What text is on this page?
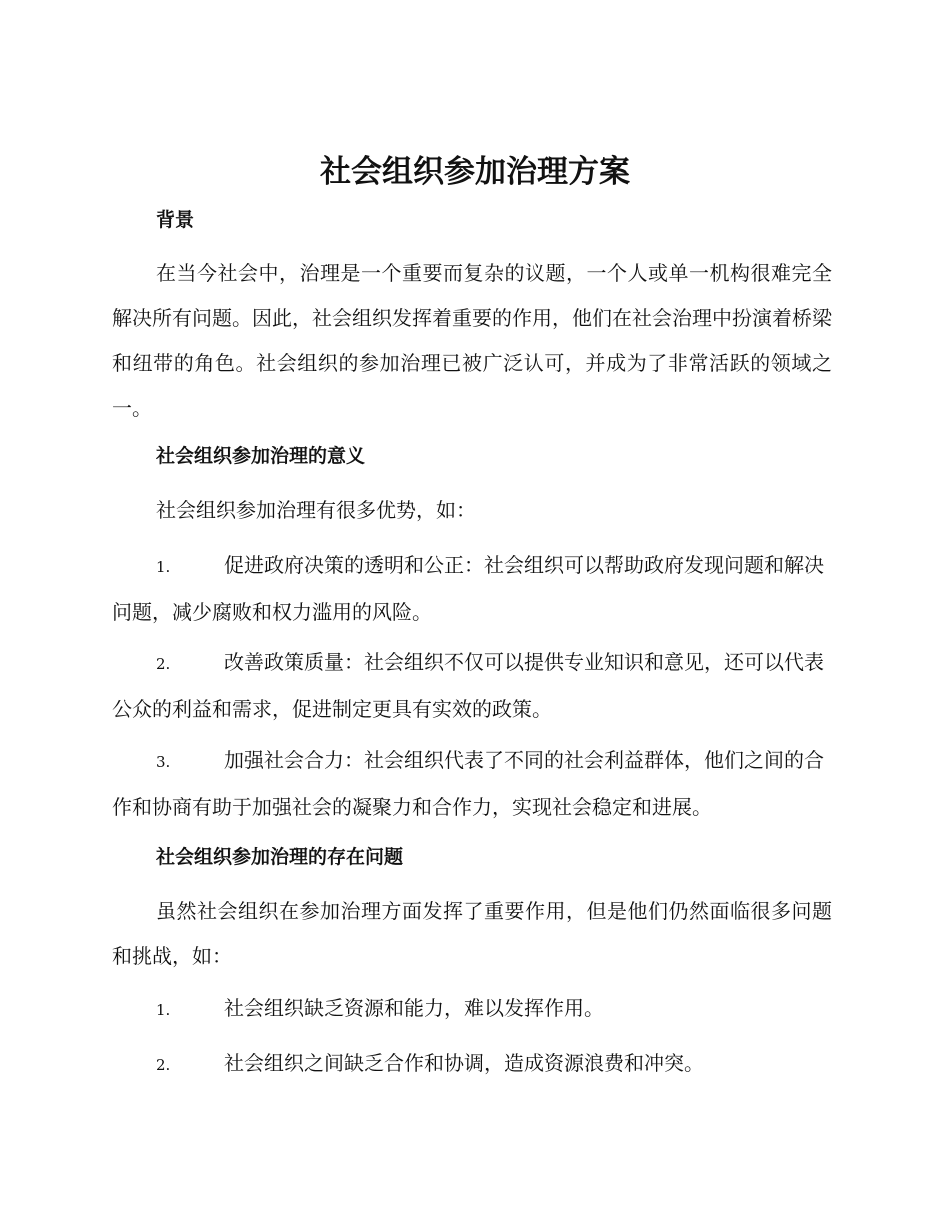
社会组织参加治理方案
背景

在当今社会中，治理是一个重要而复杂的议题，一个人或单一机构很难完全解决所有问题。因此，社会组织发挥着重要的作用，他们在社会治理中扮演着桥梁和纽带的角色。社会组织的参加治理已被广泛认可，并成为了非常活跃的领域之一。

社会组织参加治理的意义

社会组织参加治理有很多优势，如：

1.	促进政府决策的透明和公正：社会组织可以帮助政府发现问题和解决问题，减少腐败和权力滥用的风险。

2.	改善政策质量：社会组织不仅可以提供专业知识和意见，还可以代表公众的利益和需求，促进制定更具有实效的政策。

3.	加强社会合力：社会组织代表了不同的社会利益群体，他们之间的合作和协商有助于加强社会的凝聚力和合作力，实现社会稳定和进展。

社会组织参加治理的存在问题

虽然社会组织在参加治理方面发挥了重要作用，但是他们仍然面临很多问题和挑战，如：

1.	社会组织缺乏资源和能力，难以发挥作用。

2.	社会组织之间缺乏合作和协调，造成资源浪费和冲突。
